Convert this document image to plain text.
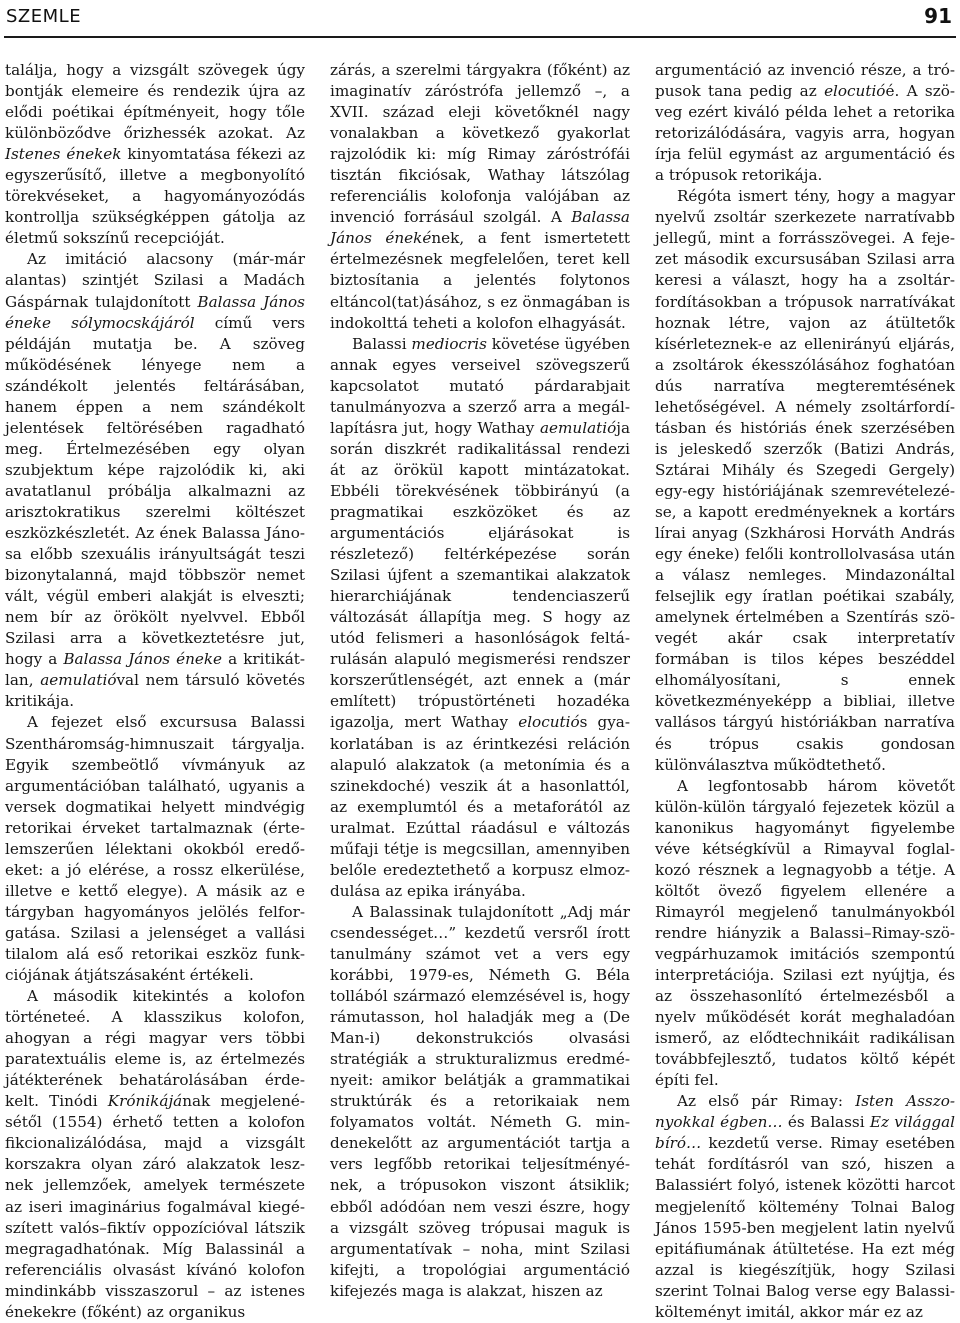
SZEMLE	91

találja, hogy a vizsgált szövegek úgy bontják elemeire és rendezik újra az elődi poétikai építményeit, hogy tőle különböződve őrizhessék azokat. Az Istenes énekek kinyomtatása fékezi az egyszerűsítő, illetve a megbonyolító törekvéseket, a hagyományozódás kontrollja szükségképpen gátolja az életmű sokszínű recepcióját.

Az imitáció alacsony (már-már alantas) szintjét Szilasi a Madách Gáspárnak tulajdonított Balassa János éneke sólymocskájáról című vers példáján mutatja be. A szöveg működésének lényege nem a szándékolt jelentés feltárásában, hanem éppen a nem szándékolt jelentések feltörésében ragadható meg. Értelmezésében egy olyan szubjektum képe rajzolódik ki, aki avatatlanul próbálja alkalmazni az arisztokratikus szerelmi költészet eszközkészletét. Az ének Balassa Jánosa előbb szexuális irányultságát teszi bizonytalanná, majd többször nemet vált, végül emberi alakját is elveszti; nem bír az örökölt nyelvvel. Ebből Szilasi arra a következtetésre jut, hogy a Balassa János éneke a kritikátlan, aemulatióval nem társuló követés kritikája.

A fejezet első excursusa Balassi Szentháromság-himnuszait tárgyalja. Egyik szembeötlő vívmányuk az argumentációban található, ugyanis a versek dogmatikai helyett mindvégig retorikai érveket tartalmaznak (értelemszerűen lélektani okokból eredőeket: a jó elérése, a rossz elkerülése, illetve e kettő elegye). A másik az e tárgyban hagyományos jelölés felforgatása. Szilasi a jelenséget a vallási tilalom alá eső retorikai eszköz funkciójának átjátszásaként értékeli.

A második kitekintés a kolofon történeteé. A klasszikus kolofon, ahogyan a régi magyar vers többi paratextuális eleme is, az értelmezés játékterének behatárolásában érdekelt. Tinódi Krónikájának megjelenésétől (1554) érhető tetten a kolofon fikcionalizálódása, majd a vizsgált korszakra olyan záró alakzatok lesznek jellemzőek, amelyek természete az iseri imaginárius fogalmával kiegészített valós–fiktív oppozícióval látszik megragadhatónak. Míg Balassinál a referenciális olvasást kívánó kolofon mindinkább visszaszorul – az istenes énekekre (főként) az organikus

zárás, a szerelmi tárgyakra (főként) az imaginatív záróstrófa jellemző –, a XVII. század eleji követőknél nagy vonalakban a következő gyakorlat rajzolódik ki: míg Rimay záróstrófái tisztán fikciósak, Wathay látszólag referenciális kolofonja valójában az invenció forrásául szolgál. A Balassa János énekének, a fent ismertetett értelmezésnek megfelelően, teret kell biztosítania a jelentés folytonos eltáncol(tat)ásához, s ez önmagában is indokolttá teheti a kolofon elhagyását.

Balassi mediocris követése ügyében annak egyes verseivel szövegszerű kapcsolatot mutató párdarabjait tanulmányozva a szerző arra a megállapításra jut, hogy Wathay aemulatiója során diszkrét radikalitással rendezi át az örökül kapott mintázatokat. Ebbéli törekvésének többirányú (a pragmatikai eszközöket és az argumentációs eljárásokat is részletező) feltérképezése során Szilasi újfent a szemantikai alakzatok hierarchiájának tendenciaszerű változását állapítja meg. S hogy az utód felismeri a hasonlóságok feltárulásán alapuló megismerési rendszer korszerűtlenségét, azt ennek a (már említett) trópustörténeti hozadéka igazolja, mert Wathay elocutiós gyakorlatában is az érintkezési reláción alapuló alakzatok (a metonímia és a szinekdoché) veszik át a hasonlattól, az exemplumtól és a metaforától az uralmat. Ezúttal ráadásul e változás műfaji tétje is megcsillan, amennyiben belőle eredeztethető a korpusz elmozdulása az epika irányába.

A Balassinak tulajdonított „Adj már csendességet…” kezdetű versről írott tanulmány számot vet a vers egy korábbi, 1979-es, Németh G. Béla tollából származó elemzésével is, hogy rámutasson, hol haladják meg a (De Man-i) dekonstrukciós olvasási stratégiák a strukturalizmus eredményeit: amikor belátják a grammatikai struktúrák és a retorikaiak nem folyamatos voltát. Németh G. mindenekelőtt az argumentációt tartja a vers legfőbb retorikai teljesítményének, a trópusokon viszont átsiklik; ebből adódóan nem veszi észre, hogy a vizsgált szöveg trópusai maguk is argumentatívak – noha, mint Szilasi kifejti, a tropológiai argumentáció kifejezés maga is alakzat, hiszen az

argumentáció az invenció része, a trópusok tana pedig az elocutióé. A szöveg ezért kiváló példa lehet a retorika retorizálódására, vagyis arra, hogyan írja felül egymást az argumentáció és a trópusok retorikája.

Régóta ismert tény, hogy a magyar nyelvű zsoltár szerkezete narratívabb jellegű, mint a forrásszövegei. A fejezet második excursusában Szilasi arra keresi a választ, hogy ha a zsoltárfordításokban a trópusok narratívákat hoznak létre, vajon az átültetők kísérleteznek-e az ellenirányú eljárás, a zsoltárok ékesszólásához foghatóan dús narratíva megteremtésének lehetőségével. A némely zsoltárfordításban és históriás ének szerzésében is jeleskedő szerzők (Batizi András, Sztárai Mihály és Szegedi Gergely) egy-egy históriájának szemrevételezése, a kapott eredményeknek a kortárs lírai anyag (Szkhárosi Horváth András egy éneke) felőli kontrollolvasása után a válasz nemleges. Mindazonáltal felsejlik egy íratlan poétikai szabály, amelynek értelmében a Szentírás szövegét akár csak interpretatív formában is tilos képes beszéddel elhomályosítani, s ennek következményeképp a bibliai, illetve vallásos tárgyú históriákban narratíva és trópus csakis gondosan különválasztva működtethető.

A legfontosabb három követőt külön-külön tárgyaló fejezetek közül a kanonikus hagyományt figyelembe véve kétségkívül a Rimayval foglalkozó résznek a legnagyobb a tétje. A költőt övező figyelem ellenére a Rimayról megjelenő tanulmányokból rendre hiányzik a Balassi–Rimay-szövegpárhuzamok imitációs szempontú interpretációja. Szilasi ezt nyújtja, és az összehasonlító értelmezésből a nyelv működését korát meghaladóan ismerő, az elődtechnikáit radikálisan továbbfejlesztő, tudatos költő képét építi fel.

Az első pár Rimay: Isten Asszonyokkal égben… és Balassi Ez világgal bíró… kezdetű verse. Rimay esetében tehát fordításról van szó, hiszen a Balassiért folyó, istenek közötti harcot megjelenítő költemény Tolnai Balog János 1595-ben megjelent latin nyelvű epitáfiumának átültetése. Ha ezt még azzal is kiegészítjük, hogy Szilasi szerint Tolnai Balog verse egy Balassi-költeményt imitál, akkor már ez az
